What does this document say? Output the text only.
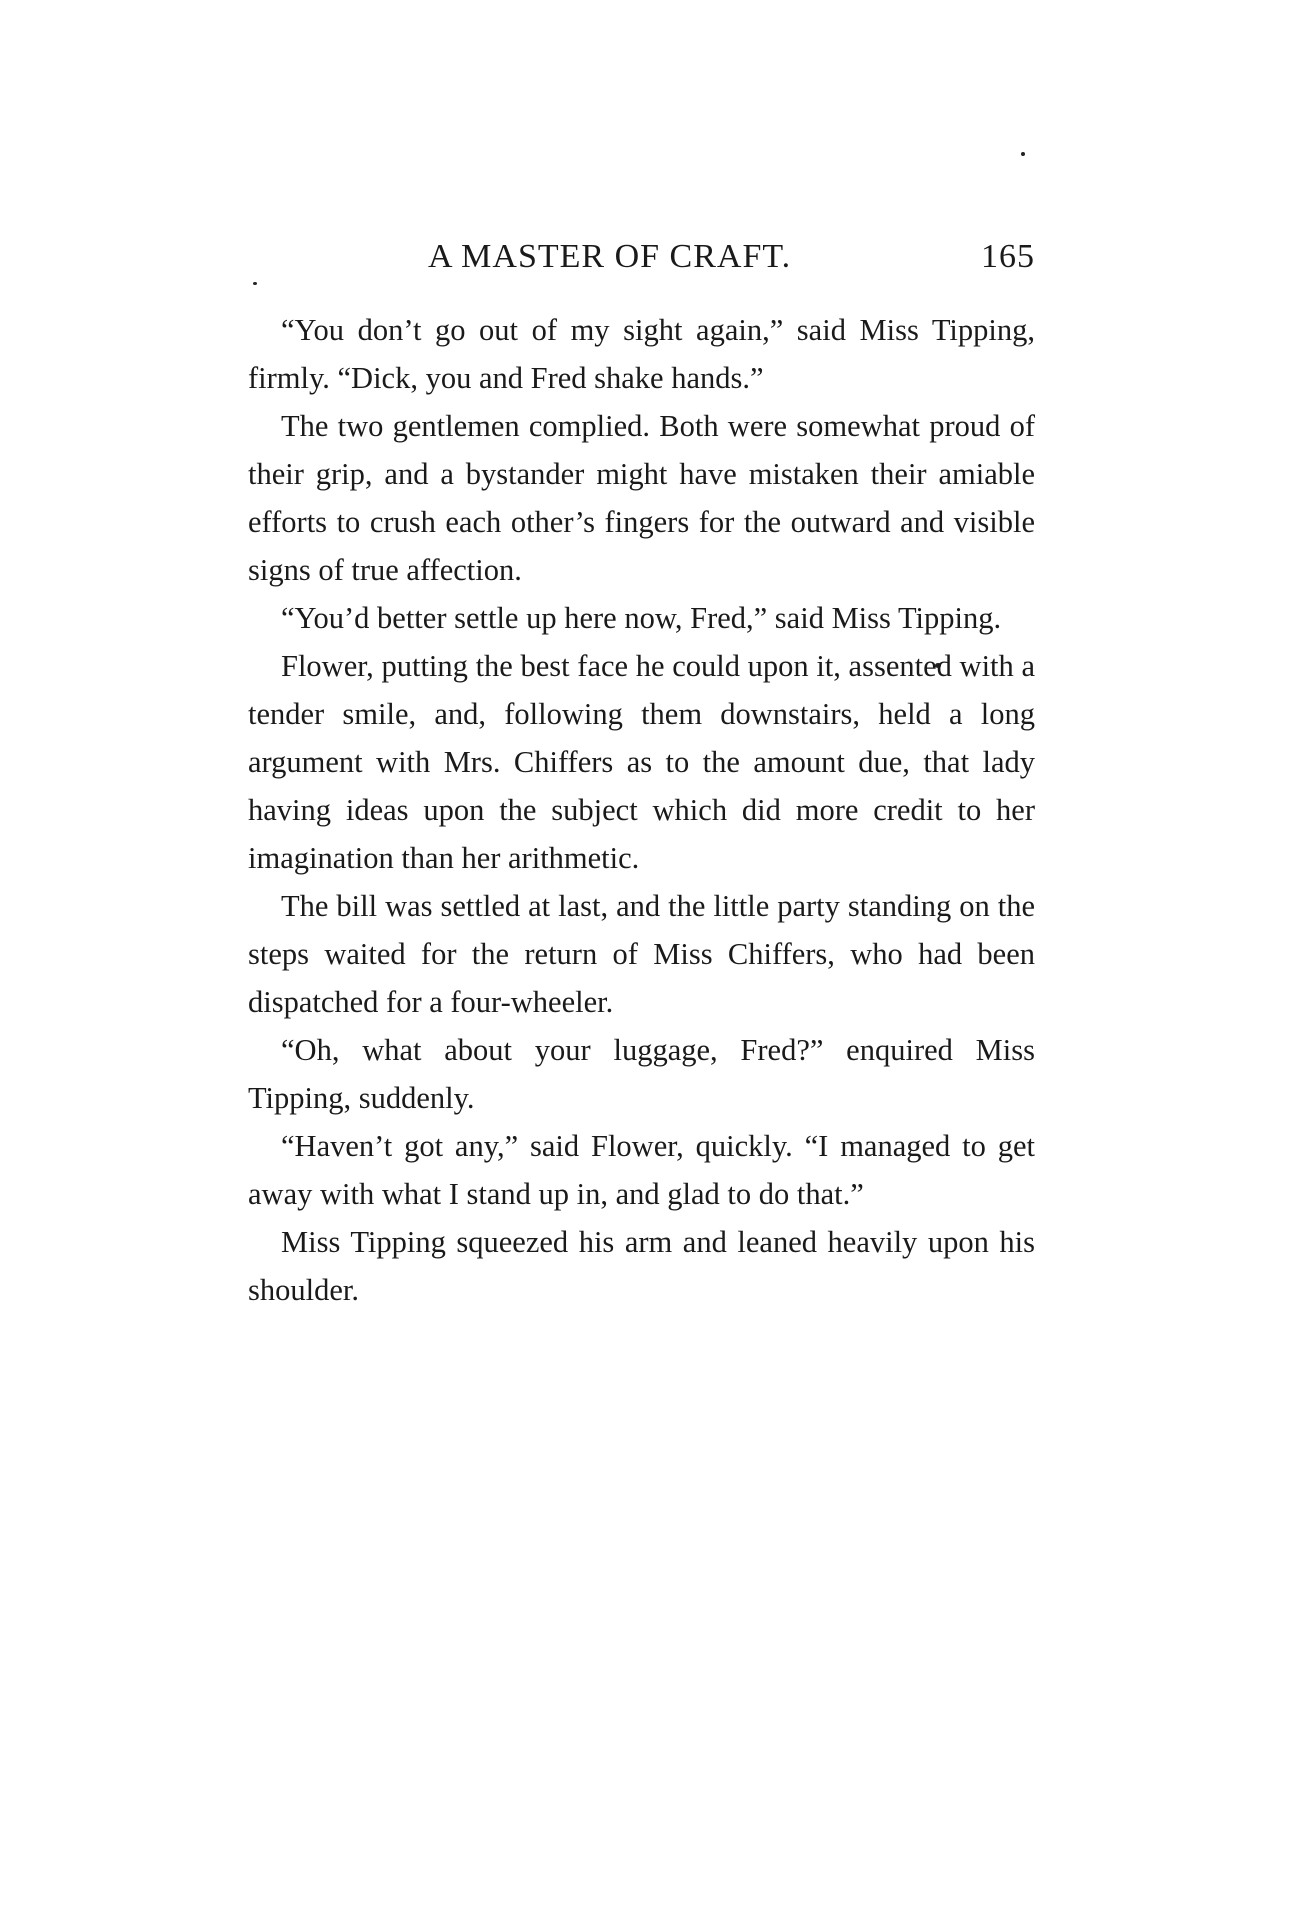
A MASTER OF CRAFT.	165

“You don’t go out of my sight again,” said Miss Tipping, firmly. “Dick, you and Fred shake hands.”

The two gentlemen complied. Both were somewhat proud of their grip, and a bystander might have mistaken their amiable efforts to crush each other’s fingers for the outward and visible signs of true affection.

“You’d better settle up here now, Fred,” said Miss Tipping.

Flower, putting the best face he could upon it, assented with a tender smile, and, following them downstairs, held a long argument with Mrs. Chiffers as to the amount due, that lady having ideas upon the subject which did more credit to her imagination than her arithmetic.

The bill was settled at last, and the little party standing on the steps waited for the return of Miss Chiffers, who had been dispatched for a four-wheeler.

“Oh, what about your luggage, Fred?” enquired Miss Tipping, suddenly.

“Haven’t got any,” said Flower, quickly. “I managed to get away with what I stand up in, and glad to do that.”

Miss Tipping squeezed his arm and leaned heavily upon his shoulder.
